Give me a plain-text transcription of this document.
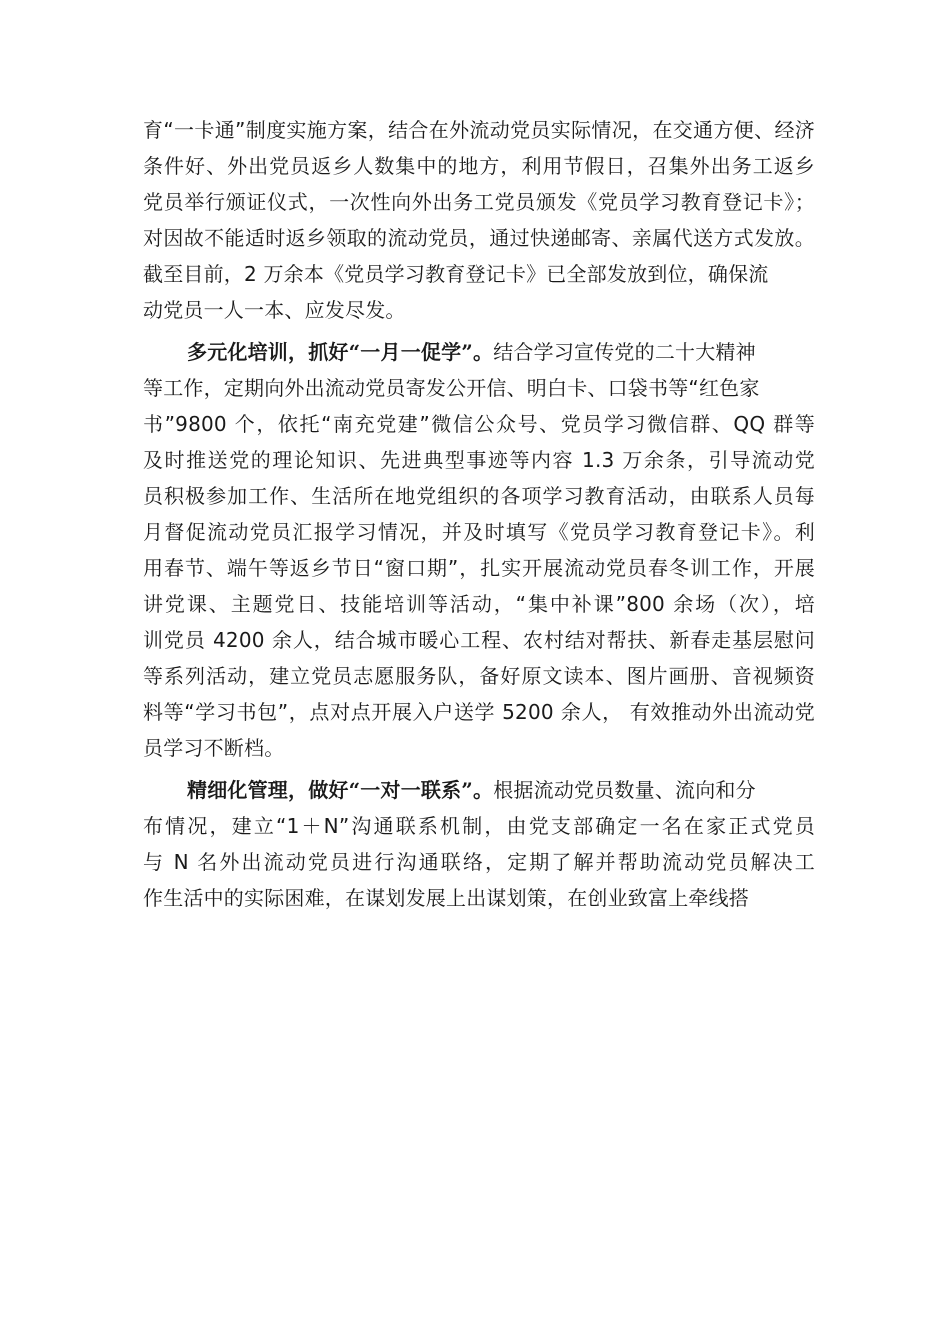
育“一卡通”制度实施方案，结合在外流动党员实际情况，在交通方便、经济
条件好、外出党员返乡人数集中的地方，利用节假日，召集外出务工返乡
党员举行颁证仪式，一次性向外出务工党员颁发《党员学习教育登记卡》；
对因故不能适时返乡领取的流动党员，通过快递邮寄、亲属代送方式发放。
截至目前，2 万余本《党员学习教育登记卡》已全部发放到位，确保流
动党员一人一本、应发尽发。
多元化培训，抓好“一月一促学”。结合学习宣传党的二十大精神
等工作，定期向外出流动党员寄发公开信、明白卡、口袋书等“红色家
书”9800 个，依托“南充党建”微信公众号、党员学习微信群、QQ 群等
及时推送党的理论知识、先进典型事迹等内容 1.3 万余条，引导流动党
员积极参加工作、生活所在地党组织的各项学习教育活动，由联系人员每
月督促流动党员汇报学习情况，并及时填写《党员学习教育登记卡》。利
用春节、端午等返乡节日“窗口期”，扎实开展流动党员春冬训工作，开展
讲党课、主题党日、技能培训等活动，“集中补课”800 余场（次），培
训党员 4200 余人，结合城市暖心工程、农村结对帮扶、新春走基层慰问
等系列活动，建立党员志愿服务队，备好原文读本、图片画册、音视频资
料等“学习书包”，点对点开展入户送学 5200 余人， 有效推动外出流动党
员学习不断档。
精细化管理，做好“一对一联系”。根据流动党员数量、流向和分
布情况，建立“1＋N”沟通联系机制，由党支部确定一名在家正式党员
与 N 名外出流动党员进行沟通联络，定期了解并帮助流动党员解决工
作生活中的实际困难，在谋划发展上出谋划策，在创业致富上牵线搭
